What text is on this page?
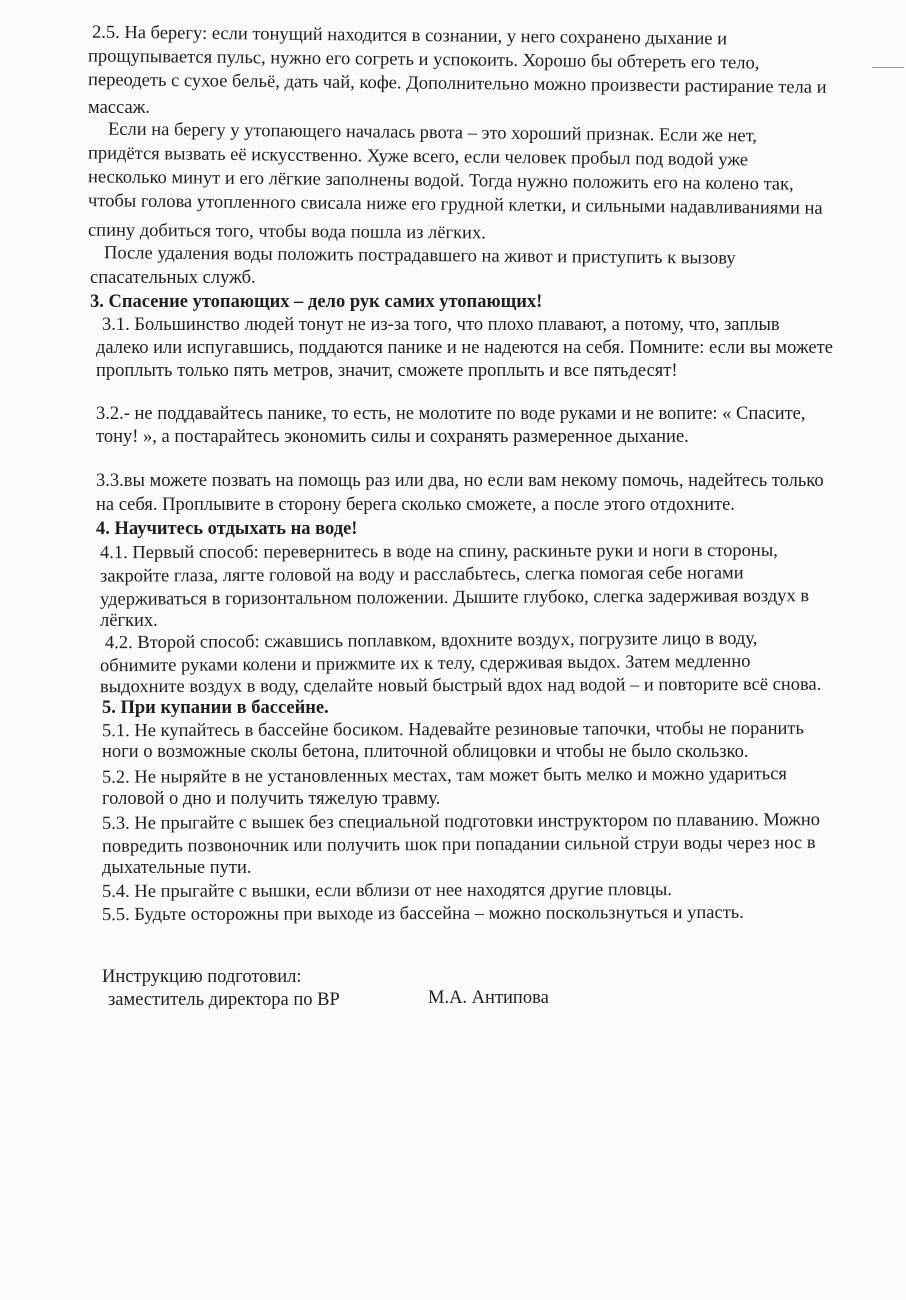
2.5. На берегу: если тонущий находится в сознании, у него сохранено дыхание и
прощупывается пульс, нужно его согреть и успокоить. Хорошо бы обтереть его тело,
переодеть с сухое бельё, дать чай, кофе. Дополнительно можно произвести растирание тела и
массаж.
Если на берегу у утопающего началась рвота – это хороший признак. Если же нет,
придётся вызвать её искусственно. Хуже всего, если человек пробыл под водой уже
несколько минут и его лёгкие заполнены водой. Тогда нужно положить его на колено так,
чтобы голова утопленного свисала ниже его грудной клетки, и сильными надавливаниями на
спину добиться того, чтобы вода пошла из лёгких.
После удаления воды положить пострадавшего на живот и приступить к вызову
спасательных служб.
3. Спасение утопающих – дело рук самих утопающих!
3.1. Большинство людей тонут не из-за того, что плохо плавают, а потому, что, заплыв
далеко или испугавшись, поддаются панике и не надеются на себя. Помните: если вы можете
проплыть только пять метров, значит, сможете проплыть и все пятьдесят!
3.2.- не поддавайтесь панике, то есть, не молотите по воде руками и не вопите: « Спасите,
тону! », а постарайтесь экономить силы и сохранять размеренное дыхание.
3.3.вы можете позвать на помощь раз или два, но если вам некому помочь, надейтесь только
на себя. Проплывите в сторону берега сколько сможете, а после этого отдохните.
4. Научитесь отдыхать на воде!
4.1. Первый способ: перевернитесь в воде на спину, раскиньте руки и ноги в стороны,
закройте глаза, лягте головой на воду и расслабьтесь, слегка помогая себе ногами
удерживаться в горизонтальном положении. Дышите глубоко, слегка задерживая воздух в
лёгких.
4.2. Второй способ: сжавшись поплавком, вдохните воздух, погрузите лицо в воду,
обнимите руками колени и прижмите их к телу, сдерживая выдох. Затем медленно
выдохните воздух в воду, сделайте новый быстрый вдох над водой – и повторите всё снова.
5. При купании в бассейне.
5.1. Не купайтесь в бассейне босиком. Надевайте резиновые тапочки, чтобы не поранить
ноги о возможные сколы бетона, плиточной облицовки и чтобы не было скользко.
5.2. Не ныряйте в не установленных местах, там может быть мелко и можно удариться
головой о дно и получить тяжелую травму.
5.3. Не прыгайте с вышек без специальной подготовки инструктором по плаванию. Можно
повредить позвоночник или получить шок при попадании сильной струи воды через нос в
дыхательные пути.
5.4. Не прыгайте с вышки, если вблизи от нее находятся другие пловцы.
5.5. Будьте осторожны при выходе из бассейна – можно поскользнуться и упасть.
Инструкцию подготовил:
заместитель директора по ВР	М.А. Антипова
